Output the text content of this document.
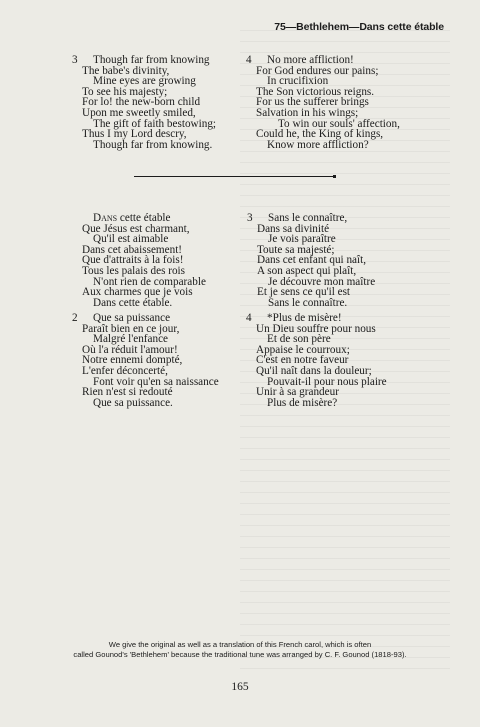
75—Bethlehem—Dans cette étable
3	Though far from knowing
The babe's divinity,
Mine eyes are growing
To see his majesty;
For lo! the new-born child
Upon me sweetly smiled,
The gift of faith bestowing;
Thus I my Lord descry,
Though far from knowing.
4	No more affliction!
For God endures our pains;
In crucifixion
The Son victorious reigns.
For us the sufferer brings
Salvation in his wings;
To win our souls' affection,
Could he, the King of kings,
Know more affliction?
Dans cette étable
Que Jésus est charmant,
Qu'il est aimable
Dans cet abaissement!
Que d'attraits à la fois!
Tous les palais des rois
N'ont rien de comparable
Aux charmes que je vois
Dans cette étable.
3	Sans le connaître,
Dans sa divinité
Je vois paraître
Toute sa majesté;
Dans cet enfant qui naît,
A son aspect qui plaît,
Je découvre mon maître
Et je sens ce qu'il est
Sans le connaître.
2	Que sa puissance
Paraît bien en ce jour,
Malgré l'enfance
Où l'a réduit l'amour!
Notre ennemi dompté,
L'enfer déconcerté,
Font voir qu'en sa naissance
Rien n'est si redouté
Que sa puissance.
4	*Plus de misère!
Un Dieu souffre pour nous
Et de son père
Appaise le courroux;
C'est en notre faveur
Qu'il naît dans la douleur;
Pouvait-il pour nous plaire
Unir à sa grandeur
Plus de misère?
We give the original as well as a translation of this French carol, which is often
called Gounod's 'Bethlehem' because the traditional tune was arranged by C. F. Gounod (1818-93).
165
